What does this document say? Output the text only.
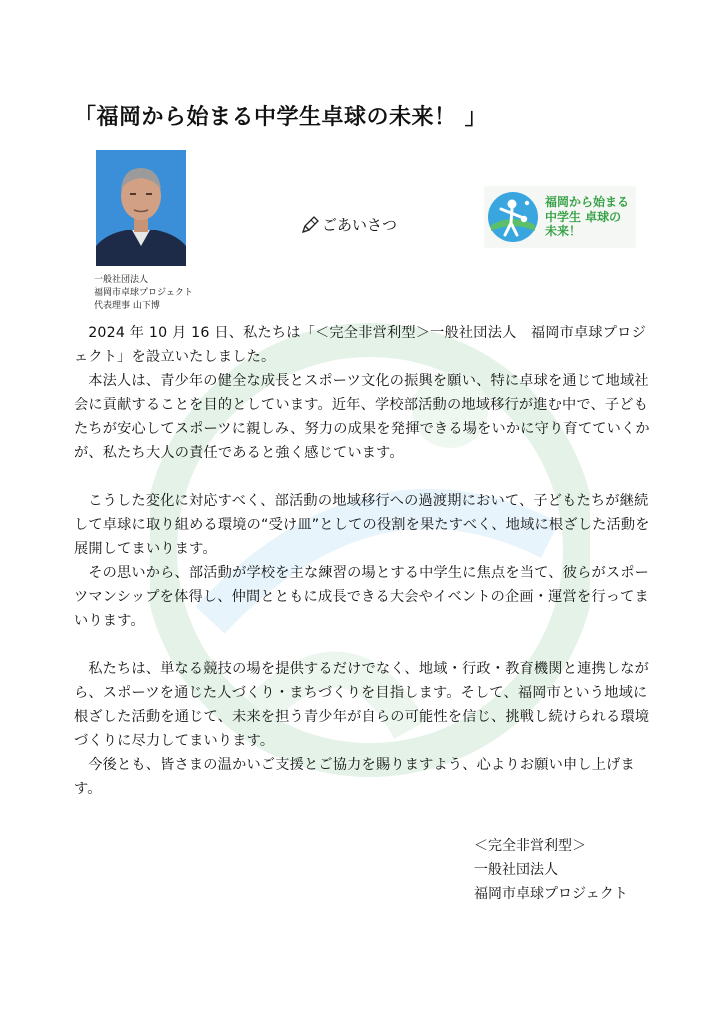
「福岡から始まる中学生卓球の未来！ 」
一般社団法人
福岡市卓球プロジェクト
代表理事 山下博
ごあいさつ
福岡から始まる
中学生 卓球の
未来！

2024 年 10 月 16 日、私たちは「＜完全非営利型＞一般社団法人　福岡市卓球プロジェクト」を設立いたしました。

本法人は、青少年の健全な成長とスポーツ文化の振興を願い、特に卓球を通じて地域社会に貢献することを目的としています。近年、学校部活動の地域移行が進む中で、子どもたちが安心してスポーツに親しみ、努力の成果を発揮できる場をいかに守り育てていくかが、私たち大人の責任であると強く感じています。

こうした変化に対応すべく、部活動の地域移行への過渡期において、子どもたちが継続して卓球に取り組める環境の“受け皿”としての役割を果たすべく、地域に根ざした活動を展開してまいります。

その思いから、部活動が学校を主な練習の場とする中学生に焦点を当て、彼らがスポーツマンシップを体得し、仲間とともに成長できる大会やイベントの企画・運営を行ってまいります。

私たちは、単なる競技の場を提供するだけでなく、地域・行政・教育機関と連携しながら、スポーツを通じた人づくり・まちづくりを目指します。そして、福岡市という地域に根ざした活動を通じて、未来を担う青少年が自らの可能性を信じ、挑戦し続けられる環境づくりに尽力してまいります。

今後とも、皆さまの温かいご支援とご協力を賜りますよう、心よりお願い申し上げます。

＜完全非営利型＞
一般社団法人
福岡市卓球プロジェクト
